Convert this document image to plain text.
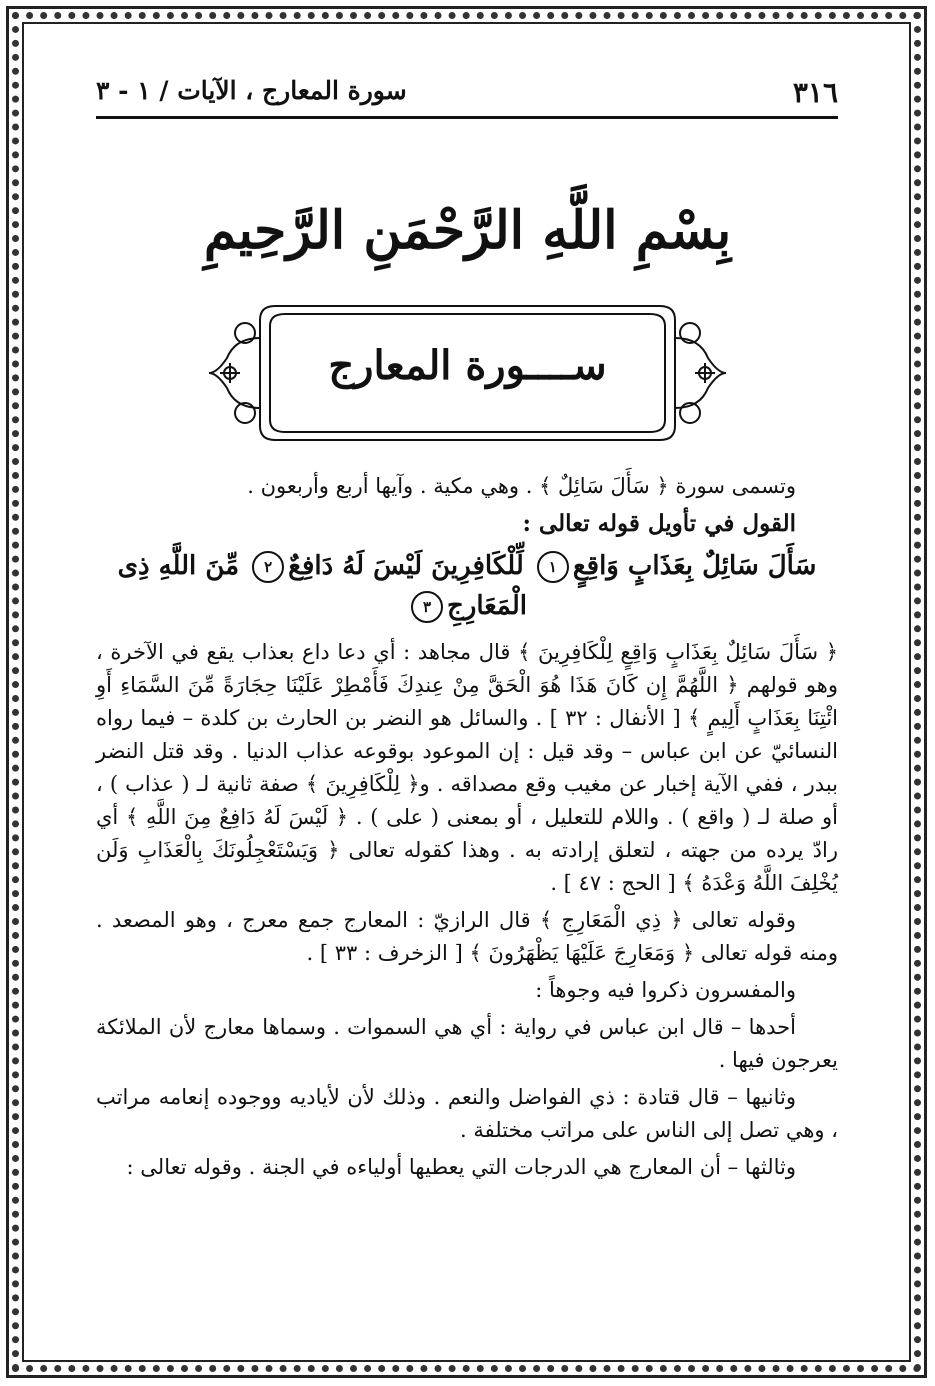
٣١٦
سورة المعارج ، الآيات / ١ - ٣
بِسْمِ اللَّهِ الرَّحْمَنِ الرَّحِيمِ
ســــورة المعارج

وتسمى سورة ﴿ سَأَلَ سَائِلٌ ﴾ . وهي مكية . وآيها أربع وأربعون .

القول في تأويل قوله تعالى :

سَأَلَ سَائِلٌ بِعَذَابٍ وَاقِعٍ١ لِّلْكَافِرِينَ لَيْسَ لَهُ دَافِعٌ٢ مِّنَ اللَّهِ ذِى الْمَعَارِجِ٣

﴿ سَأَلَ سَائِلٌ بِعَذَابٍ وَاقِعٍ لِلْكَافِرِينَ ﴾ قال مجاهد : أي دعا داع بعذاب يقع في الآخرة ، وهو قولهم ﴿ اللَّهُمَّ إِن كَانَ هَذَا هُوَ الْحَقَّ مِنْ عِندِكَ فَأَمْطِرْ عَلَيْنَا حِجَارَةً مِّنَ السَّمَاءِ أَوِ ائْتِنَا بِعَذَابٍ أَلِيمٍ ﴾ [ الأنفال : ٣٢ ] . والسائل هو النضر بن الحارث بن كلدة – فيما رواه النسائيّ عن ابن عباس – وقد قيل : إن الموعود بوقوعه عذاب الدنيا . وقد قتل النضر ببدر ، ففي الآية إخبار عن مغيب وقع مصداقه . و﴿ لِلْكَافِرِينَ ﴾ صفة ثانية لـ ( عذاب ) ، أو صلة لـ ( واقع ) . واللام للتعليل ، أو بمعنى ( على ) . ﴿ لَيْسَ لَهُ دَافِعٌ مِنَ اللَّهِ ﴾ أي رادّ يرده من جهته ، لتعلق إرادته به . وهذا كقوله تعالى ﴿ وَيَسْتَعْجِلُونَكَ بِالْعَذَابِ وَلَن يُخْلِفَ اللَّهُ وَعْدَهُ ﴾ [ الحج : ٤٧ ] .

وقوله تعالى ﴿ ذِي الْمَعَارِجِ ﴾ قال الرازيّ : المعارج جمع معرج ، وهو المصعد . ومنه قوله تعالى ﴿ وَمَعَارِجَ عَلَيْهَا يَظْهَرُونَ ﴾ [ الزخرف : ٣٣ ] .

والمفسرون ذكروا فيه وجوهاً :

أحدها – قال ابن عباس في رواية : أي هي السموات . وسماها معارج لأن الملائكة يعرجون فيها .

وثانيها – قال قتادة : ذي الفواضل والنعم . وذلك لأن لأياديه ووجوده إنعامه مراتب ، وهي تصل إلى الناس على مراتب مختلفة .

وثالثها – أن المعارج هي الدرجات التي يعطيها أولياءه في الجنة . وقوله تعالى :
